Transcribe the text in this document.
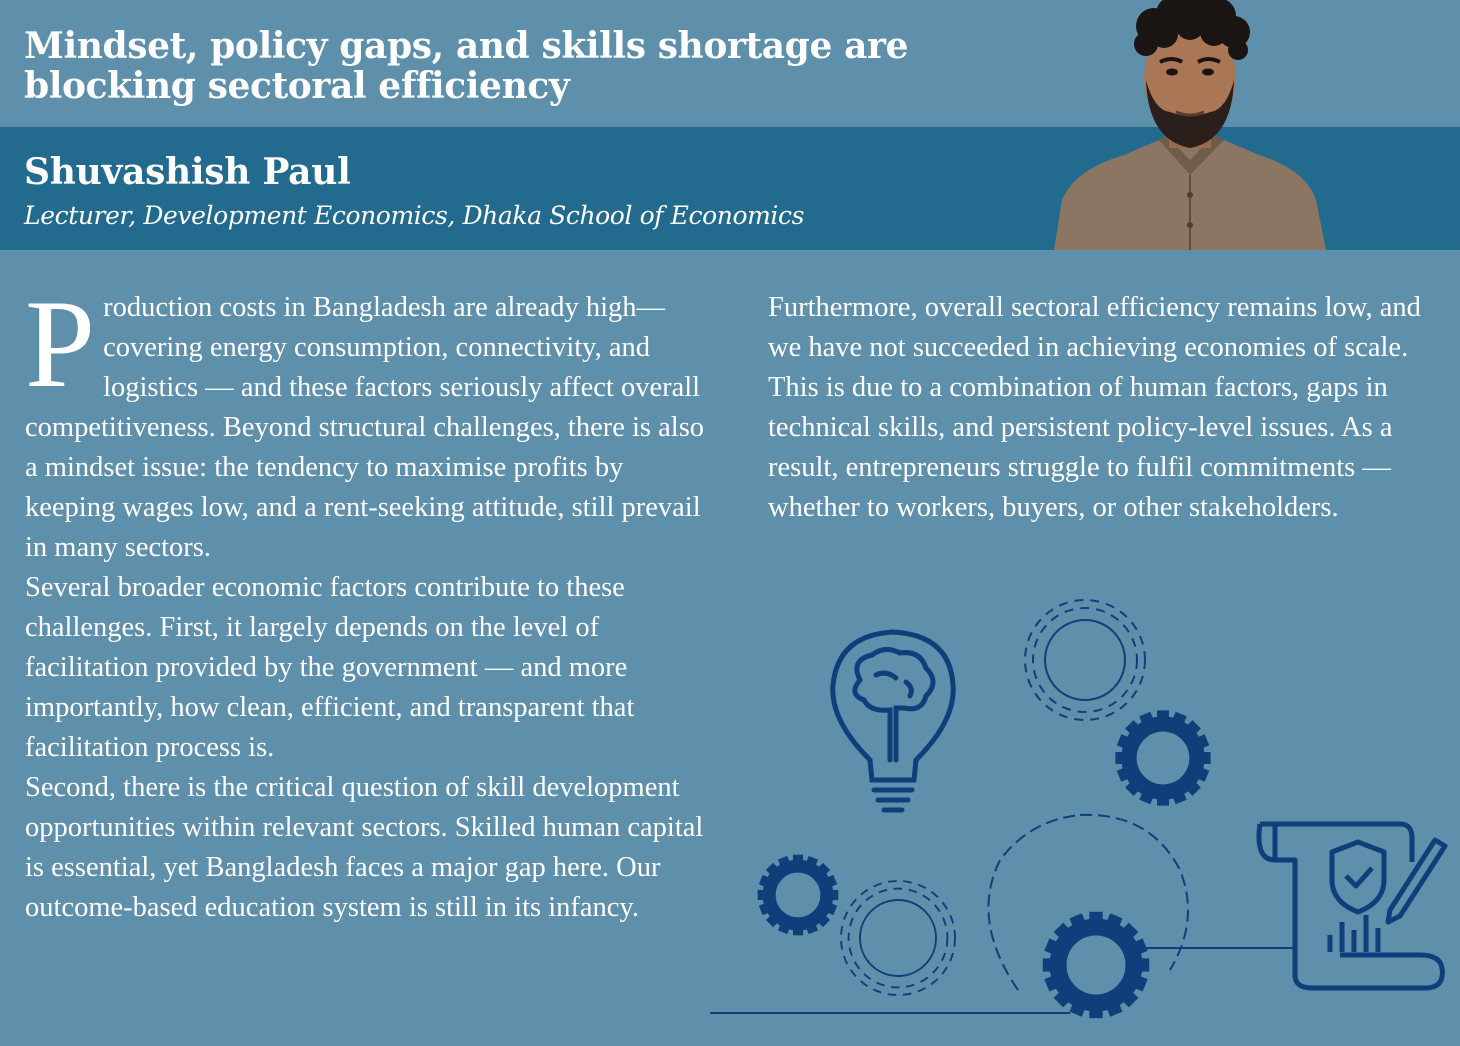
Mindset, policy gaps, and skills shortage are blocking sectoral efficiency
Shuvashish Paul
Lecturer, Development Economics, Dhaka School of Economics

Production costs in Bangladesh are already high— covering energy consumption, connectivity, and logistics — and these factors seriously affect overall competitiveness. Beyond structural challenges, there is also a mindset issue: the tendency to maximise profits by keeping wages low, and a rent-seeking attitude, still prevail in many sectors.

Several broader economic factors contribute to these challenges. First, it largely depends on the level of facilitation provided by the government — and more importantly, how clean, efficient, and transparent that facilitation process is.

Second, there is the critical question of skill development opportunities within relevant sectors. Skilled human capital is essential, yet Bangladesh faces a major gap here. Our outcome-based education system is still in its infancy.

Furthermore, overall sectoral efficiency remains low, and we have not succeeded in achieving economies of scale. This is due to a combination of human factors, gaps in technical skills, and persistent policy-level issues. As a result, entrepreneurs struggle to fulfil commitments — whether to workers, buyers, or other stakeholders.
